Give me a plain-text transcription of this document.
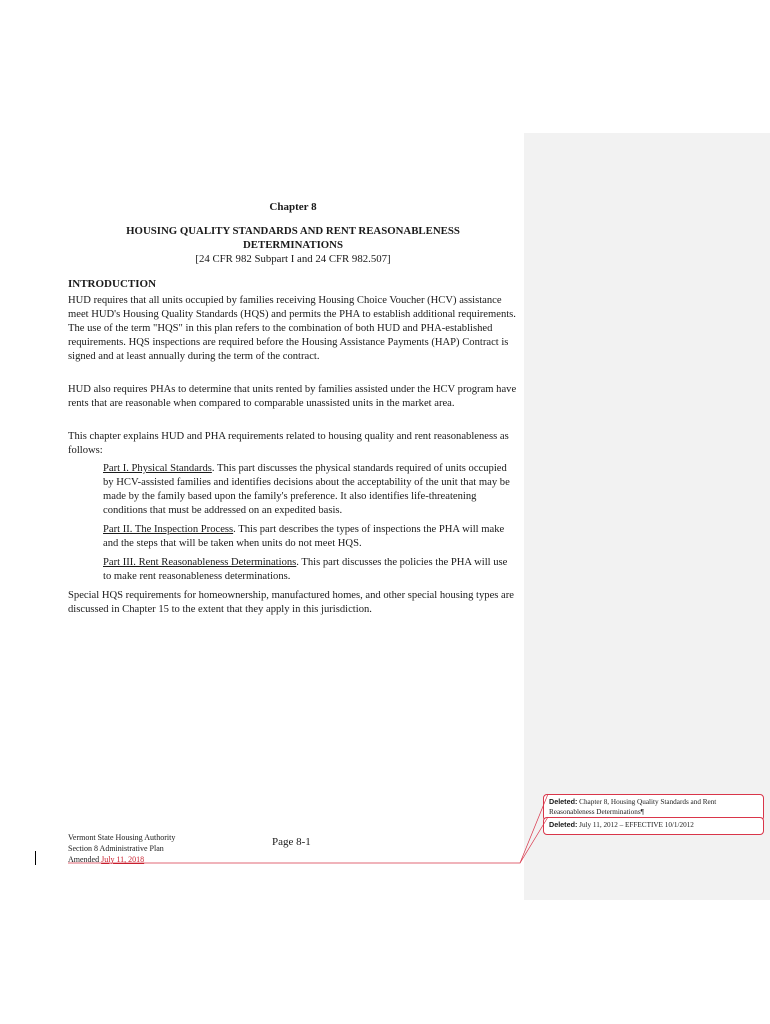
Chapter 8
HOUSING QUALITY STANDARDS AND RENT REASONABLENESS
DETERMINATIONS
[24 CFR 982 Subpart I and 24 CFR 982.507]
INTRODUCTION

HUD requires that all units occupied by families receiving Housing Choice Voucher (HCV) assistance meet HUD's Housing Quality Standards (HQS) and permits the PHA to establish additional requirements. The use of the term "HQS" in this plan refers to the combination of both HUD and PHA-established requirements. HQS inspections are required before the Housing Assistance Payments (HAP) Contract is signed and at least annually during the term of the contract.

HUD also requires PHAs to determine that units rented by families assisted under the HCV program have rents that are reasonable when compared to comparable unassisted units in the market area.

This chapter explains HUD and PHA requirements related to housing quality and rent reasonableness as follows:

Part I. Physical Standards. This part discusses the physical standards required of units occupied by HCV-assisted families and identifies decisions about the acceptability of the unit that may be made by the family based upon the family's preference. It also identifies life-threatening conditions that must be addressed on an expedited basis.

Part II. The Inspection Process. This part describes the types of inspections the PHA will make and the steps that will be taken when units do not meet HQS.

Part III. Rent Reasonableness Determinations. This part discusses the policies the PHA will use to make rent reasonableness determinations.

Special HQS requirements for homeownership, manufactured homes, and other special housing types are discussed in Chapter 15 to the extent that they apply in this jurisdiction.

Deleted: Chapter 8, Housing Quality Standards and Rent Reasonableness Determinations¶
Deleted: July 11, 2012 – EFFECTIVE 10/1/2012
Vermont State Housing Authority
Section 8 Administrative Plan
Amended July 11, 2018
Page 8-1
